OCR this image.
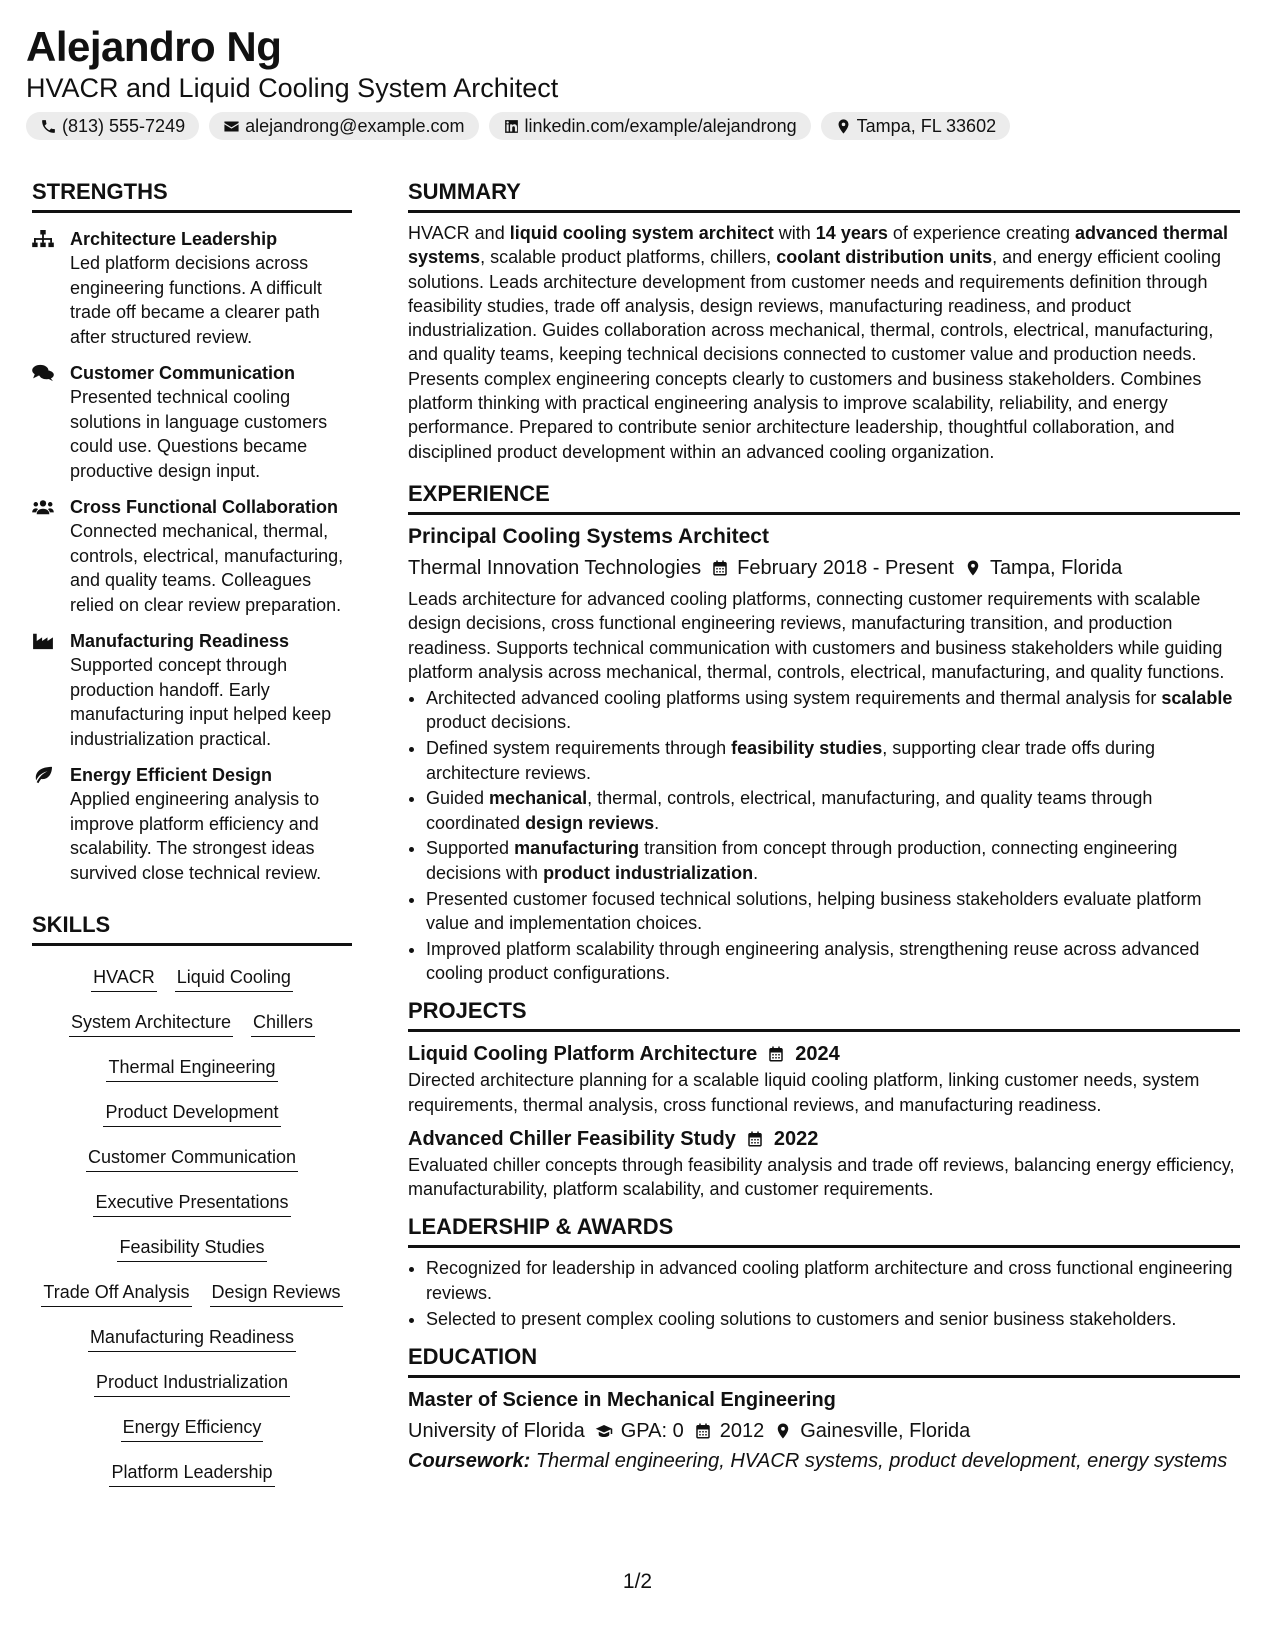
Alejandro Ng
HVACR and Liquid Cooling System Architect
(813) 555-7249	alejandrong@example.com	linkedin.com/example/alejandrong	Tampa, FL 33602
STRENGTHS
Architecture Leadership
Led platform decisions across engineering functions. A difficult trade off became a clearer path after structured review.
Customer Communication
Presented technical cooling solutions in language customers could use. Questions became productive design input.
Cross Functional Collaboration
Connected mechanical, thermal, controls, electrical, manufacturing, and quality teams. Colleagues relied on clear review preparation.
Manufacturing Readiness
Supported concept through production handoff. Early manufacturing input helped keep industrialization practical.
Energy Efficient Design
Applied engineering analysis to improve platform efficiency and scalability. The strongest ideas survived close technical review.
SKILLS
HVACR Liquid Cooling
System Architecture Chillers
Thermal Engineering
Product Development
Customer Communication
Executive Presentations
Feasibility Studies
Trade Off Analysis Design Reviews
Manufacturing Readiness
Product Industrialization
Energy Efficiency
Platform Leadership
SUMMARY
HVACR and liquid cooling system architect with 14 years of experience creating advanced thermal systems, scalable product platforms, chillers, coolant distribution units, and energy efficient cooling solutions. Leads architecture development from customer needs and requirements definition through feasibility studies, trade off analysis, design reviews, manufacturing readiness, and product industrialization. Guides collaboration across mechanical, thermal, controls, electrical, manufacturing, and quality teams, keeping technical decisions connected to customer value and production needs. Presents complex engineering concepts clearly to customers and business stakeholders. Combines platform thinking with practical engineering analysis to improve scalability, reliability, and energy performance. Prepared to contribute senior architecture leadership, thoughtful collaboration, and disciplined product development within an advanced cooling organization.
EXPERIENCE
Principal Cooling Systems Architect
Thermal Innovation Technologies February 2018 - Present Tampa, Florida
Leads architecture for advanced cooling platforms, connecting customer requirements with scalable design decisions, cross functional engineering reviews, manufacturing transition, and production readiness. Supports technical communication with customers and business stakeholders while guiding platform analysis across mechanical, thermal, controls, electrical, manufacturing, and quality functions.
• Architected advanced cooling platforms using system requirements and thermal analysis for scalable product decisions.
• Defined system requirements through feasibility studies, supporting clear trade offs during architecture reviews.
• Guided mechanical, thermal, controls, electrical, manufacturing, and quality teams through coordinated design reviews.
• Supported manufacturing transition from concept through production, connecting engineering decisions with product industrialization.
• Presented customer focused technical solutions, helping business stakeholders evaluate platform value and implementation choices.
• Improved platform scalability through engineering analysis, strengthening reuse across advanced cooling product configurations.
PROJECTS
Liquid Cooling Platform Architecture 2024
Directed architecture planning for a scalable liquid cooling platform, linking customer needs, system requirements, thermal analysis, cross functional reviews, and manufacturing readiness.
Advanced Chiller Feasibility Study 2022
Evaluated chiller concepts through feasibility analysis and trade off reviews, balancing energy efficiency, manufacturability, platform scalability, and customer requirements.
LEADERSHIP & AWARDS
• Recognized for leadership in advanced cooling platform architecture and cross functional engineering reviews.
• Selected to present complex cooling solutions to customers and senior business stakeholders.
EDUCATION
Master of Science in Mechanical Engineering
University of Florida GPA: 0 2012 Gainesville, Florida
Coursework: Thermal engineering, HVACR systems, product development, energy systems
1/2
